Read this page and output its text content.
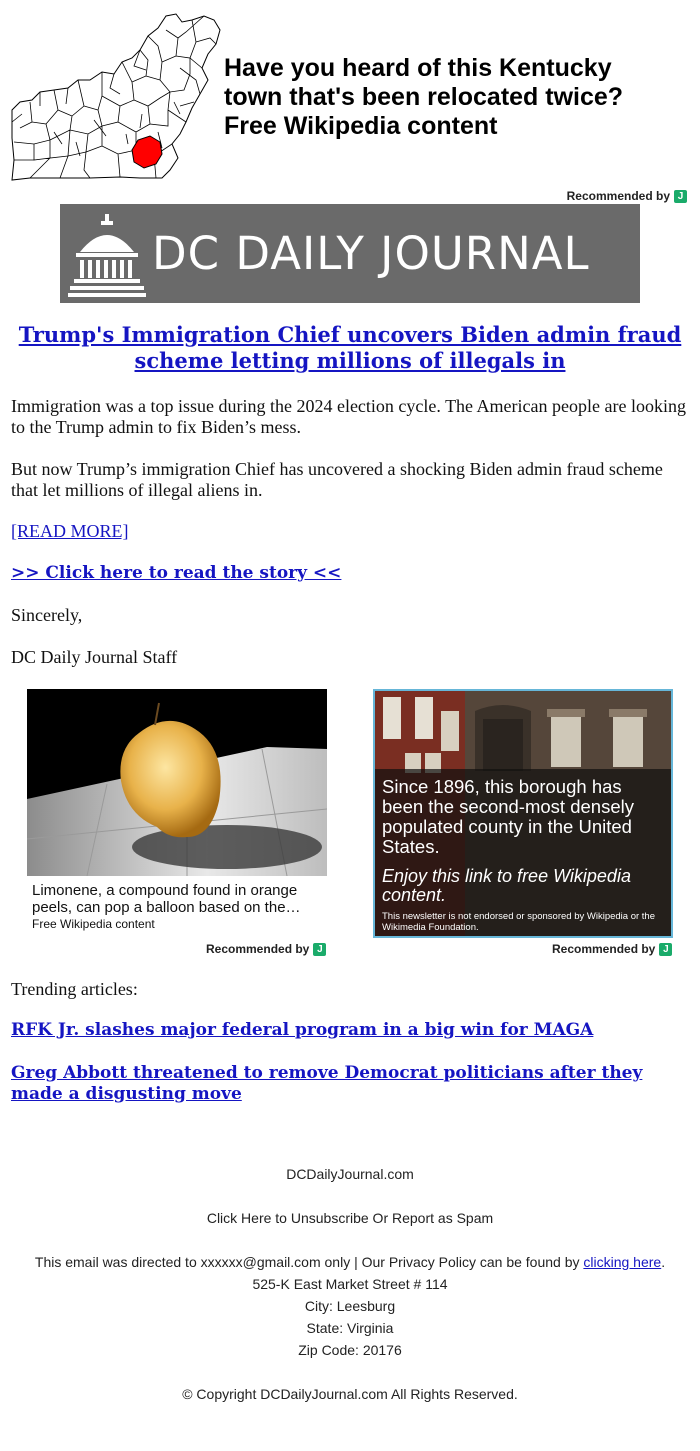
Have you heard of this Kentucky
town that's been relocated twice?
Free Wikipedia content

Recommended by J
DC DAILY JOURNAL
Trump's Immigration Chief uncovers Biden admin fraud scheme letting millions of illegals in

Immigration was a top issue during the 2024 election cycle. The American people are looking to the Trump admin to fix Biden’s mess.

But now Trump’s immigration Chief has uncovered a shocking Biden admin fraud scheme that let millions of illegal aliens in.

[READ MORE]
>> Click here to read the story <<

Sincerely,

DC Daily Journal Staff

Limonene, a compound found in orange peels, can pop a balloon based on the…
Free Wikipedia content
Recommended by J

Since 1896, this borough has been the second-most densely populated county in the United States.

Enjoy this link to free Wikipedia content.

This newsletter is not endorsed or sponsored by Wikipedia or the Wikimedia Foundation.

Recommended by J

Trending articles:

RFK Jr. slashes major federal program in a big win for MAGA
Greg Abbott threatened to remove Democrat politicians after they made a disgusting move

DCDailyJournal.com

Click Here to Unsubscribe Or Report as Spam

This email was directed to xxxxxx@gmail.com only | Our Privacy Policy can be found by clicking here.

525-K East Market Street # 114

City: Leesburg

State: Virginia

Zip Code: 20176

© Copyright DCDailyJournal.com All Rights Reserved.
